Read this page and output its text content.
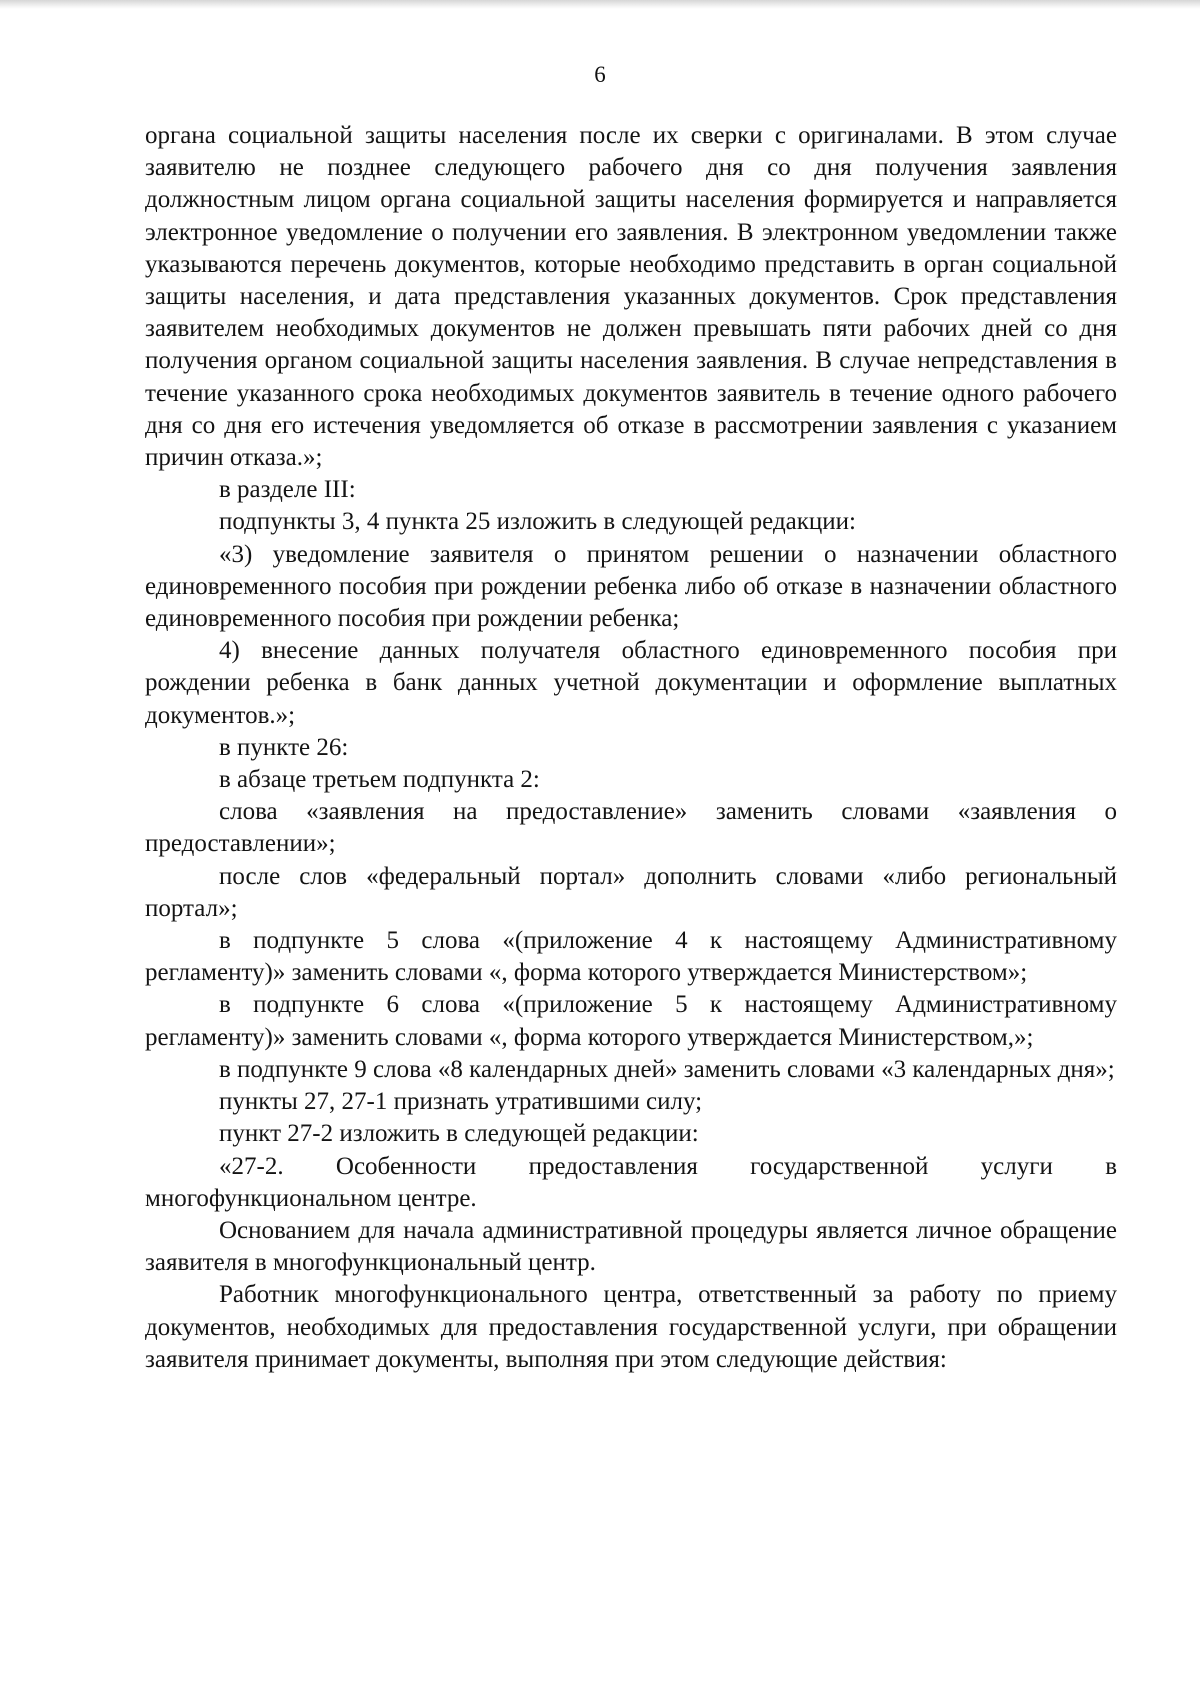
6

органа социальной защиты населения после их сверки с оригиналами. В этом случае заявителю не позднее следующего рабочего дня со дня получения заявления должностным лицом органа социальной защиты населения формируется и направляется электронное уведомление о получении его заявления. В электронном уведомлении также указываются перечень документов, которые необходимо представить в орган социальной защиты населения, и дата представления указанных документов. Срок представления заявителем необходимых документов не должен превышать пяти рабочих дней со дня получения органом социальной защиты населения заявления. В случае непредставления в течение указанного срока необходимых документов заявитель в течение одного рабочего дня со дня его истечения уведомляется об отказе в рассмотрении заявления с указанием причин отказа.»;

в разделе III:

подпункты 3, 4 пункта 25 изложить в следующей редакции:

«3) уведомление заявителя о принятом решении о назначении областного единовременного пособия при рождении ребенка либо об отказе в назначении областного единовременного пособия при рождении ребенка;

4) внесение данных получателя областного единовременного пособия при рождении ребенка в банк данных учетной документации и оформление выплатных документов.»;

в пункте 26:

в абзаце третьем подпункта 2:

слова «заявления на предоставление» заменить словами «заявления о предоставлении»;

после слов «федеральный портал» дополнить словами «либо региональный портал»;

в подпункте 5 слова «(приложение 4 к настоящему Административному регламенту)» заменить словами «, форма которого утверждается Министерством»;

в подпункте 6 слова «(приложение 5 к настоящему Административному регламенту)» заменить словами «, форма которого утверждается Министерством,»;

в подпункте 9 слова «8 календарных дней» заменить словами «3 календарных дня»;

пункты 27, 27-1 признать утратившими силу;

пункт 27-2 изложить в следующей редакции:

«27-2. Особенности предоставления государственной услуги в многофункциональном центре.

Основанием для начала административной процедуры является личное обращение заявителя в многофункциональный центр.

Работник многофункционального центра, ответственный за работу по приему документов, необходимых для предоставления государственной услуги, при обращении заявителя принимает документы, выполняя при этом следующие действия:
